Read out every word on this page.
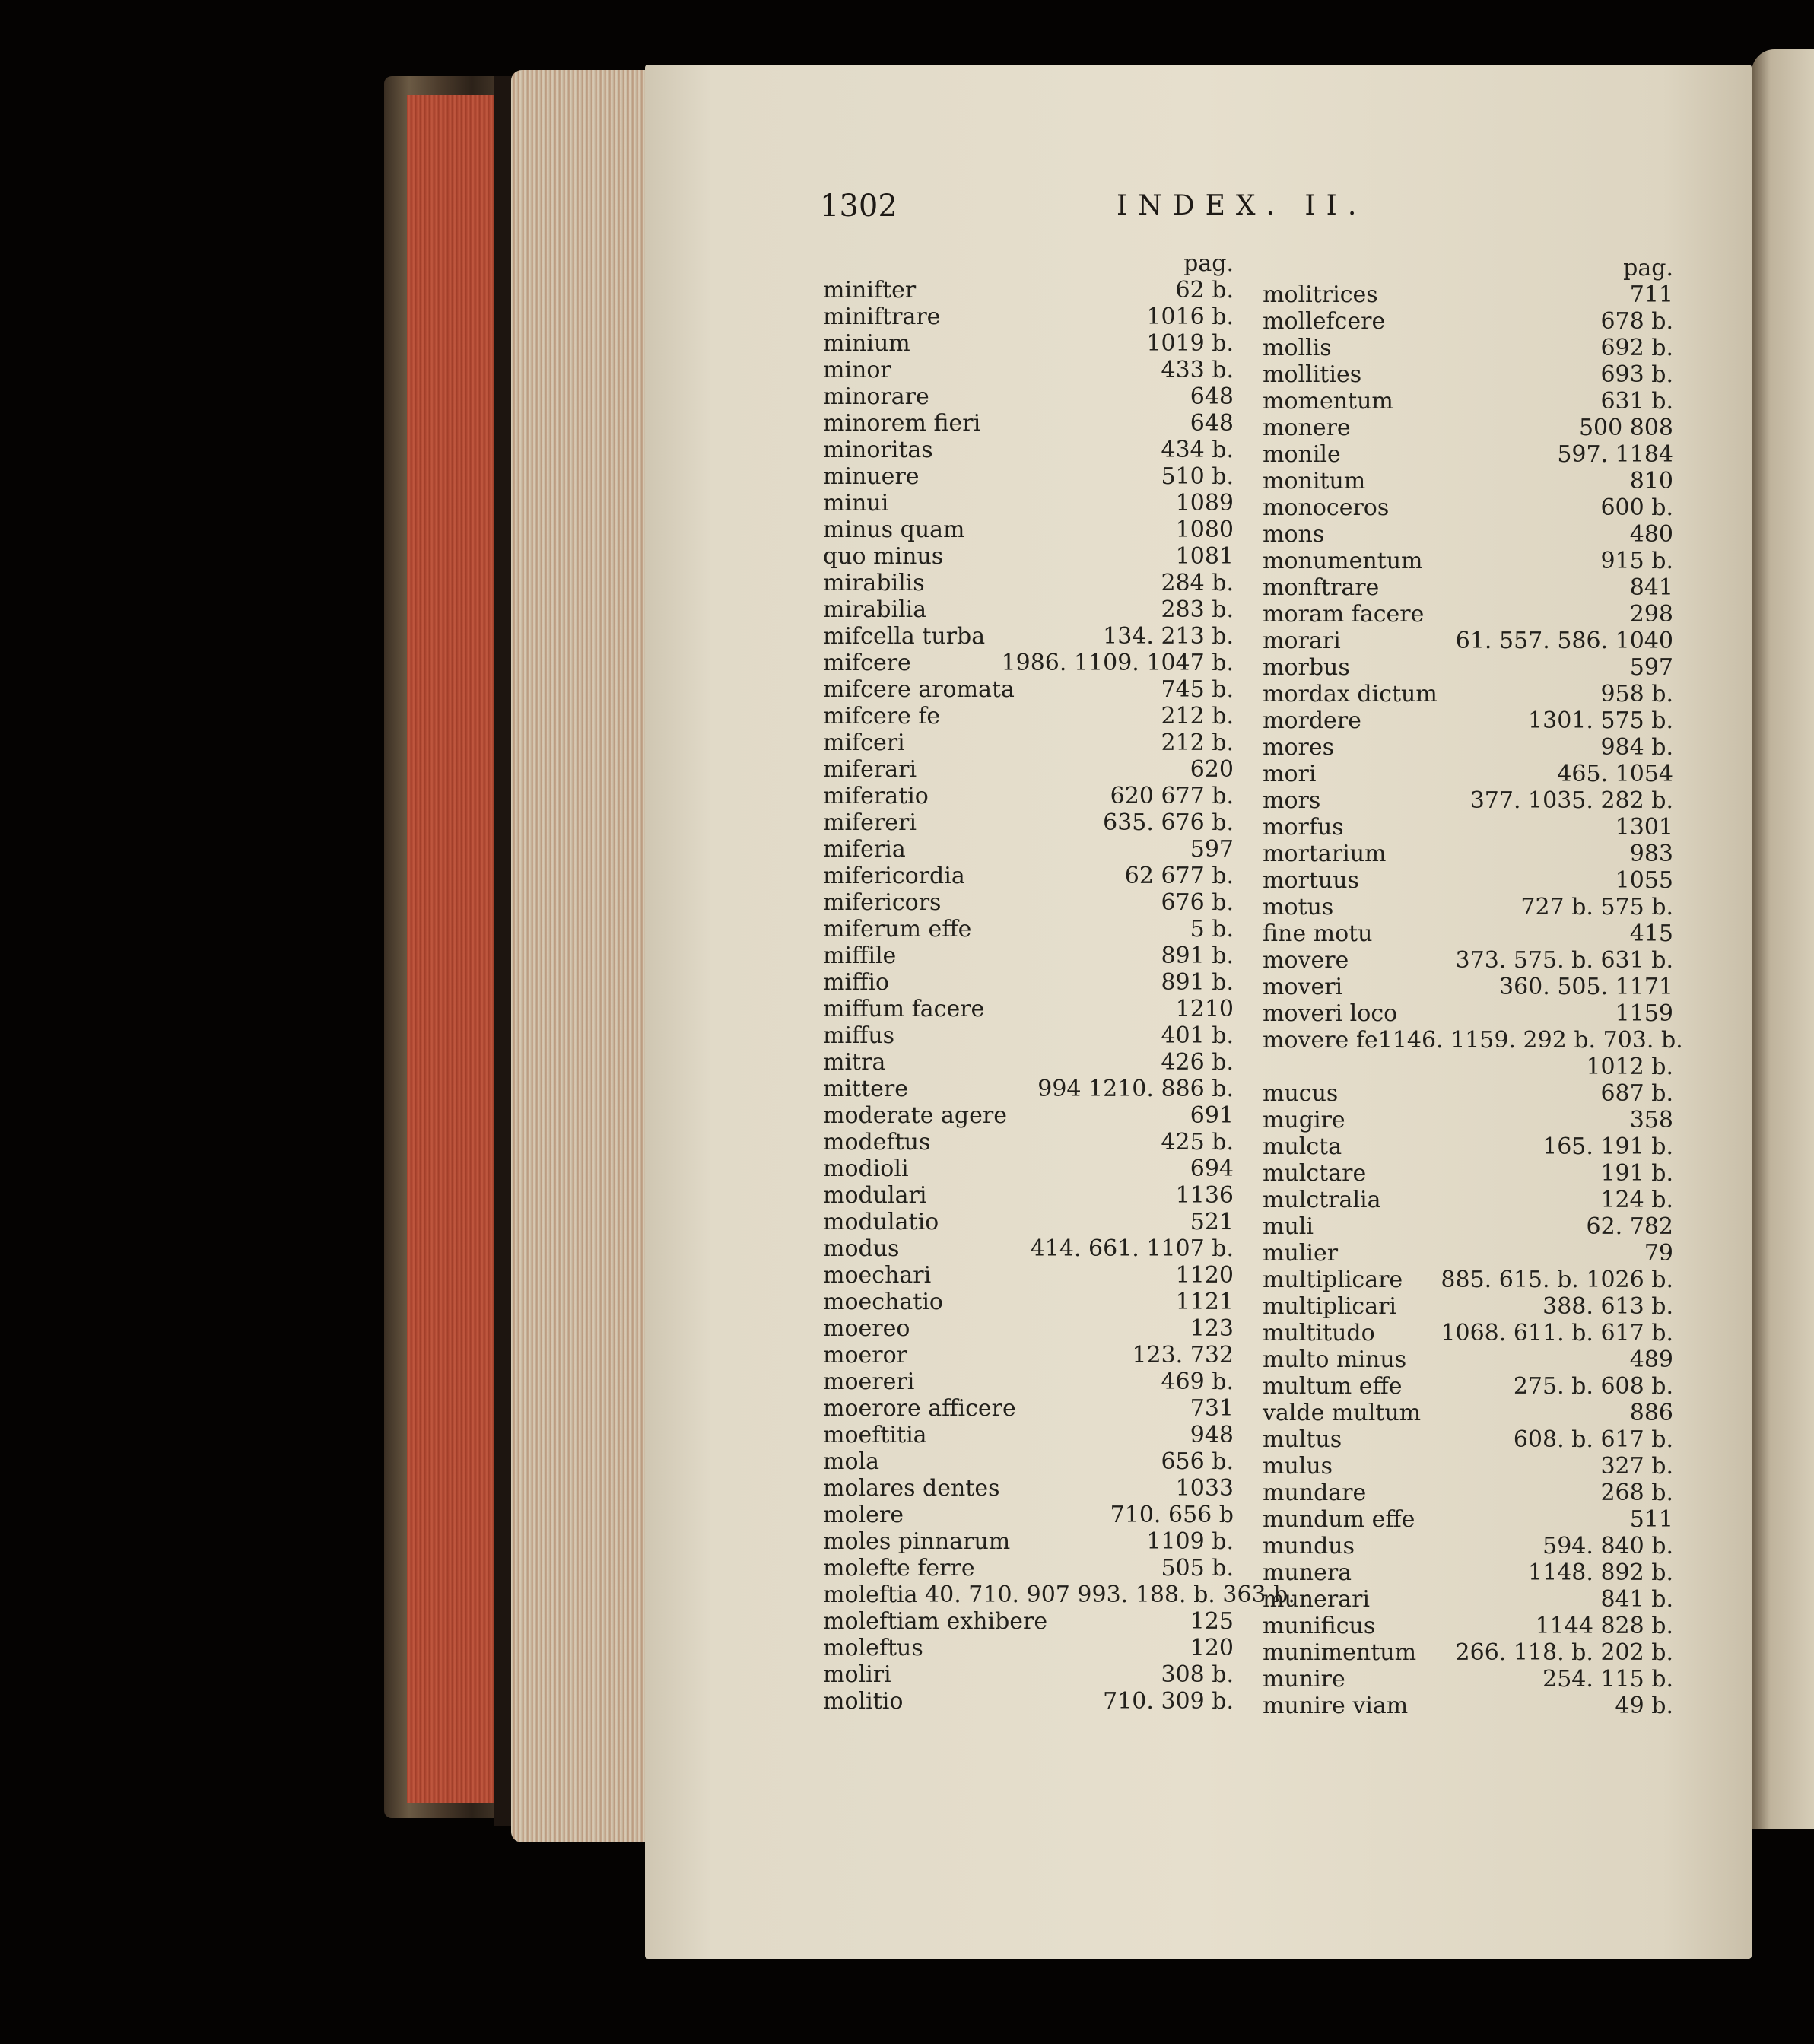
1302	INDEX. II.
pag.
minifter	62 b.
miniftrare	1016 b.
minium	1019 b.
minor	433 b.
minorare	648
minorem fieri	648
minoritas	434 b.
minuere	510 b.
minui	1089
minus quam	1080
quo minus	1081
mirabilis	284 b.
mirabilia	283 b.
mifcella turba	134. 213 b.
mifcere	1986. 1109. 1047 b.
mifcere aromata	745 b.
mifcere fe	212 b.
mifceri	212 b.
miferari	620
miferatio	620 677 b.
mifereri	635. 676 b.
miferia	597
mifericordia	62 677 b.
mifericors	676 b.
miferum effe	5 b.
miffile	891 b.
miffio	891 b.
miffum facere	1210
miffus	401 b.
mitra	426 b.
mittere	994 1210. 886 b.
moderate agere	691
modeftus	425 b.
modioli	694
modulari	1136
modulatio	521
modus	414. 661. 1107 b.
moechari	1120
moechatio	1121
moereo	123
moeror	123. 732
moereri	469 b.
moerore afficere	731
moeftitia	948
mola	656 b.
molares dentes	1033
molere	710. 656 b
moles pinnarum	1109 b.
molefte ferre	505 b.
moleftia 40. 710. 907 993. 188. b. 363 b.
moleftiam exhibere	125
moleftus	120
moliri	308 b.
molitio	710. 309 b.
pag.
molitrices	711
mollefcere	678 b.
mollis	692 b.
mollities	693 b.
momentum	631 b.
monere	500 808
monile	597. 1184
monitum	810
monoceros	600 b.
mons	480
monumentum	915 b.
monftrare	841
moram facere	298
morari	61. 557. 586. 1040
morbus	597
mordax dictum	958 b.
mordere	1301. 575 b.
mores	984 b.
mori	465. 1054
mors	377. 1035. 282 b.
morfus	1301
mortarium	983
mortuus	1055
motus	727 b. 575 b.
fine motu	415
movere	373. 575. b. 631 b.
moveri	360. 505. 1171
moveri loco	1159
movere fe 1146. 1159. 292 b. 703. b.
1012 b.
mucus	687 b.
mugire	358
mulcta	165. 191 b.
mulctare	191 b.
mulctralia	124 b.
muli	62. 782
mulier	79
multiplicare 885. 615. b. 1026 b.
multiplicari	388. 613 b.
multitudo	1068. 611. b. 617 b.
multo minus	489
multum effe	275. b. 608 b.
valde multum	886
multus	608. b. 617 b.
mulus	327 b.
mundare	268 b.
mundum effe	511
mundus	594. 840 b.
munera	1148. 892 b.
munerari	841 b.
munificus	1144 828 b.
munimentum 266. 118. b. 202 b.
munire	254. 115 b.
munire viam	49 b.
